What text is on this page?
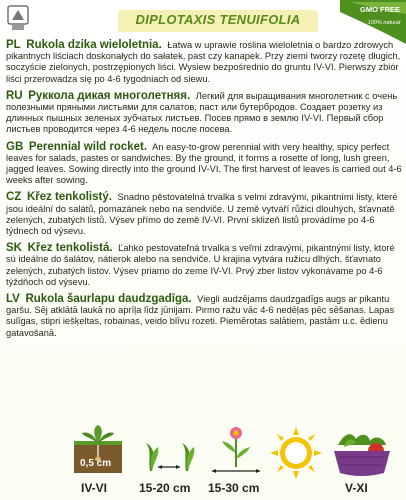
DIPLOTAXIS TENUIFOLIA
GMO FREE
100% natural
PL Rukola dzika wieloletnia. Łatwa w uprawie roślina wieloletnia o bardzo zdrowych pikantnych liściach doskonałych do sałatek, past czy kanapek. Przy ziemi tworzy rozetę długich, soczyście zielonych, postrzępionych liści. Wysiew bezpośrednio do gruntu IV-VI. Pierwszy zbiór liści przerowadza się po 4-6 tygodniach od siewu.
RU Руккола дикая многолетняя. Легкий для выращивания многолетник с очень полезными пряными листьями для салатов, паст или бутербродов. Создает розетку из длинных пышных зеленых зубчатых листьев. Посев прямо в землю IV-VI. Первый сбор листьев проводится через 4-6 недель после посева.
GB Perennial wild rocket. An easy-to-grow perennial with very healthy, spicy perfect leaves for salads, pastes or sandwiches. By the ground, it forms a rosette of long, lush green, jagged leaves. Sowing directly into the ground IV-VI. The first harvest of leaves is carried out 4-6 weeks after sowing.
CZ Křez tenkolistý. Snadno pěstovatelná trvalka s velmi zdravými, pikantními listy, které jsou ideální do salátů, pomazánek nebo na sendviče. U země vytváří růžici dlouhých, šťavnatě zelených, zubatých listů. Výsev přímo do země IV-VI. První sklizeň listů provádíme po 4-6 týdnech od výsevu.
SK Křez tenkolistá. Ľahko pestovateľná trvalka s veľmi zdravými, pikantnými listy, ktoré sú ideálne do šalátov, nátierok alebo na sendviče. U krajina vytvára ružicu dlhých, šťavnato zelených, zubatých listov. Výsev priamo do zeme IV-VI. Prvý zber listov vykonávame po 4-6 týždňoch od výsevu.
LV Rukola šaurlapu daudzgadīga. Viegli audzējams daudzgadīgs augs ar pikantu garšu. Sēj atklātā laukā no aprīļa līdz jūnijam. Pirmo ražu vāc 4-6 nedēļas pēc sēšanas. Lapas sulīgas, stipri iešķeltas, robainas, veido blīvu rozeti. Piemērotas salātiem, pastām u.c. ēdienu gatavošanā.
0,5 cm
IV-VI	15-20 cm 15-30 cm	V-XI
